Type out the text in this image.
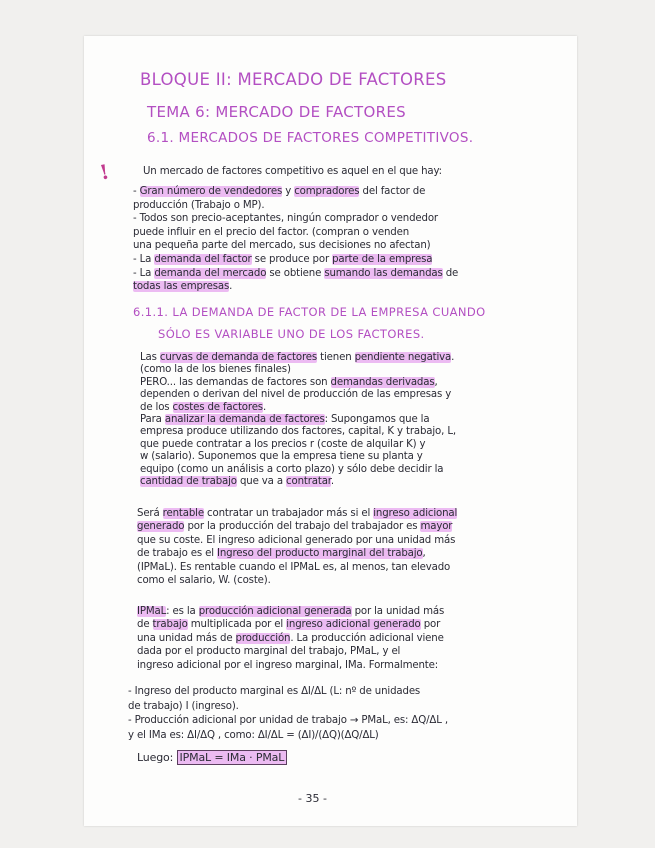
BLOQUE II: MERCADO DE FACTORES
TEMA 6: MERCADO DE FACTORES
6.1. MERCADOS DE FACTORES COMPETITIVOS.
!	Un mercado de factores competitivo es aquel en el que hay:
- Gran número de vendedores y compradores del factor de
producción (Trabajo o MP).
- Todos son precio-aceptantes, ningún comprador o vendedor
puede influir en el precio del factor. (compran o venden
una pequeña parte del mercado, sus decisiones no afectan)
- La demanda del factor se produce por parte de la empresa
- La demanda del mercado se obtiene sumando las demandas de
todas las empresas.
6.1.1. LA DEMANDA DE FACTOR DE LA EMPRESA CUANDO
SÓLO ES VARIABLE UNO DE LOS FACTORES.
Las curvas de demanda de factores tienen pendiente negativa.
(como la de los bienes finales)
PERO... las demandas de factores son demandas derivadas,
dependen o derivan del nivel de producción de las empresas y
de los costes de factores.
Para analizar la demanda de factores: Supongamos que la
empresa produce utilizando dos factores, capital, K y trabajo, L,
que puede contratar a los precios r (coste de alquilar K) y
w (salario). Suponemos que la empresa tiene su planta y
equipo (como un análisis a corto plazo) y sólo debe decidir la
cantidad de trabajo que va a contratar.
Será rentable contratar un trabajador más si el ingreso adicional
generado por la producción del trabajo del trabajador es mayor
que su coste. El ingreso adicional generado por una unidad más
de trabajo es el Ingreso del producto marginal del trabajo,
(IPMaL). Es rentable cuando el IPMaL es, al menos, tan elevado
como el salario, W. (coste).
IPMaL: es la producción adicional generada por la unidad más
de trabajo multiplicada por el ingreso adicional generado por
una unidad más de producción. La producción adicional viene
dada por el producto marginal del trabajo, PMaL, y el
ingreso adicional por el ingreso marginal, IMa. Formalmente:
- Ingreso del producto marginal es ΔI/ΔL (L: nº de unidades
de trabajo) I (ingreso).
- Producción adicional por unidad de trabajo → PMaL, es: ΔQ/ΔL ,
y el IMa es: ΔI/ΔQ , como: ΔI/ΔL = (ΔI)/(ΔQ)(ΔQ/ΔL)
Luego: IPMaL = IMa · PMaL
- 35 -
